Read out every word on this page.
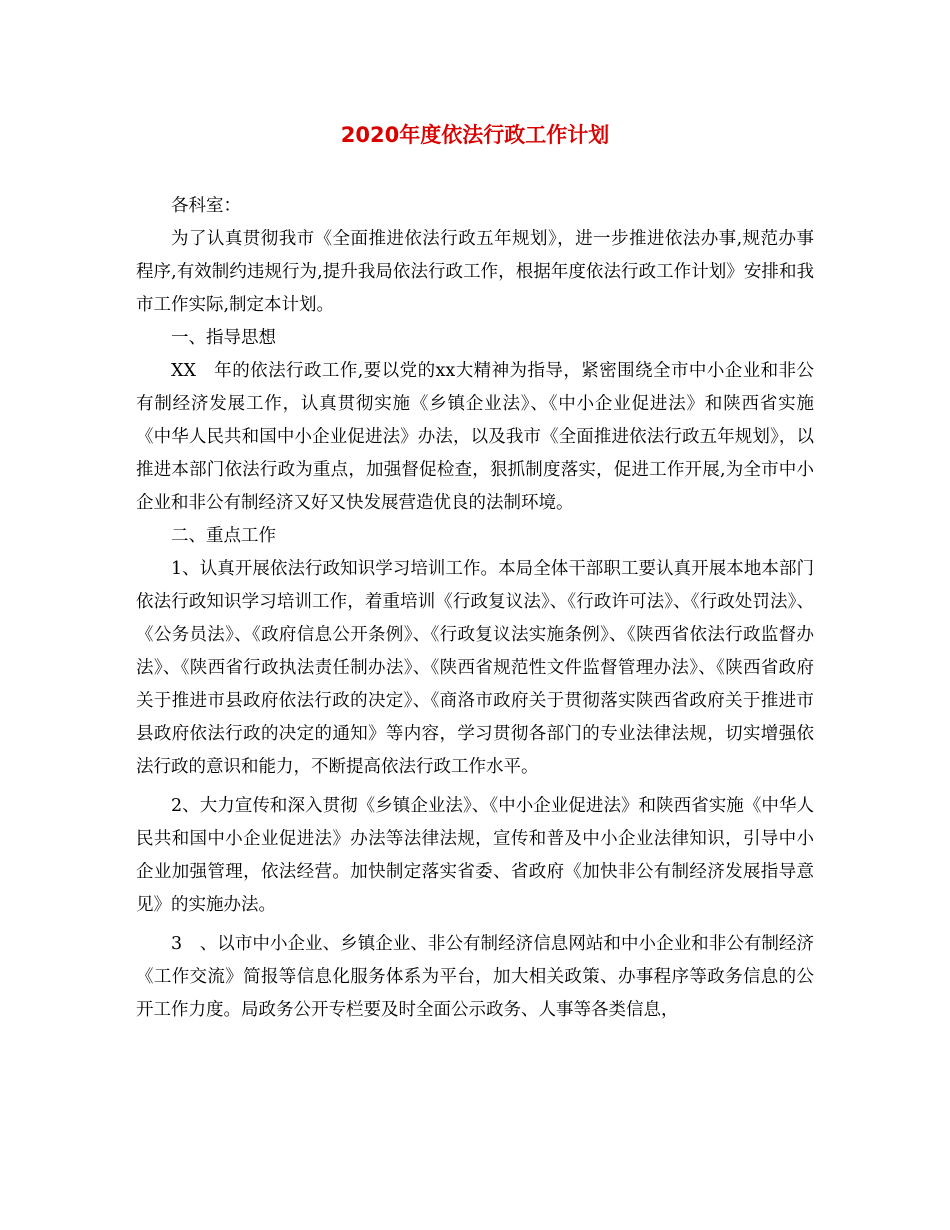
2020年度依法行政工作计划

各科室：

为了认真贯彻我市《全面推进依法行政五年规划》，进一步推进依法办事,规范办事程序,有效制约违规行为,提升我局依法行政工作，根据年度依法行政工作计划》安排和我市工作实际,制定本计划。

一、指导思想

XX　年的依法行政工作,要以党的xx大精神为指导，紧密围绕全市中小企业和非公有制经济发展工作，认真贯彻实施《乡镇企业法》、《中小企业促进法》和陕西省实施《中华人民共和国中小企业促进法》办法，以及我市《全面推进依法行政五年规划》，以推进本部门依法行政为重点，加强督促检查，狠抓制度落实，促进工作开展,为全市中小企业和非公有制经济又好又快发展营造优良的法制环境。

二、重点工作

1、认真开展依法行政知识学习培训工作。本局全体干部职工要认真开展本地本部门依法行政知识学习培训工作，着重培训《行政复议法》、《行政许可法》、《行政处罚法》、《公务员法》、《政府信息公开条例》、《行政复议法实施条例》、《陕西省依法行政监督办法》、《陕西省行政执法责任制办法》、《陕西省规范性文件监督管理办法》、《陕西省政府关于推进市县政府依法行政的决定》、《商洛市政府关于贯彻落实陕西省政府关于推进市县政府依法行政的决定的通知》等内容，学习贯彻各部门的专业法律法规，切实增强依法行政的意识和能力，不断提高依法行政工作水平。

2、大力宣传和深入贯彻《乡镇企业法》、《中小企业促进法》和陕西省实施《中华人民共和国中小企业促进法》办法等法律法规，宣传和普及中小企业法律知识，引导中小企业加强管理，依法经营。加快制定落实省委、省政府《加快非公有制经济发展指导意见》的实施办法。

3　、以市中小企业、乡镇企业、非公有制经济信息网站和中小企业和非公有制经济《工作交流》简报等信息化服务体系为平台，加大相关政策、办事程序等政务信息的公开工作力度。局政务公开专栏要及时全面公示政务、人事等各类信息，
